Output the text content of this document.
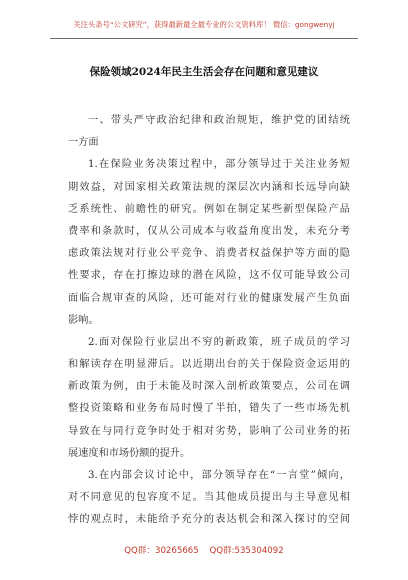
关注头条号“公文研究”，获得最新最全最专业的公文资料库！ 微信：gongwenyj
保险领域2024年民主生活会存在问题和意见建议
一、带头严守政治纪律和政治规矩，维护党的团结统
一方面
1.在保险业务决策过程中，部分领导过于关注业务短
期效益，对国家相关政策法规的深层次内涵和长远导向缺
乏系统性、前瞻性的研究。例如在制定某些新型保险产品
费率和条款时，仅从公司成本与收益角度出发，未充分考
虑政策法规对行业公平竞争、消费者权益保护等方面的隐
性要求，存在打擦边球的潜在风险，这不仅可能导致公司
面临合规审查的风险，还可能对行业的健康发展产生负面
影响。
2.面对保险行业层出不穷的新政策，班子成员的学习
和解读存在明显滞后。以近期出台的关于保险资金运用的
新政策为例，由于未能及时深入剖析政策要点，公司在调
整投资策略和业务布局时慢了半拍，错失了一些市场先机
导致在与同行竞争时处于相对劣势，影响了公司业务的拓
展速度和市场份额的提升。
3.在内部会议讨论中，部分领导存在“一言堂”倾向，
对不同意见的包容度不足。当其他成员提出与主导意见相
悖的观点时，未能给予充分的表达机会和深入探讨的空间
QQ群：30265665 QQ群:535304092
